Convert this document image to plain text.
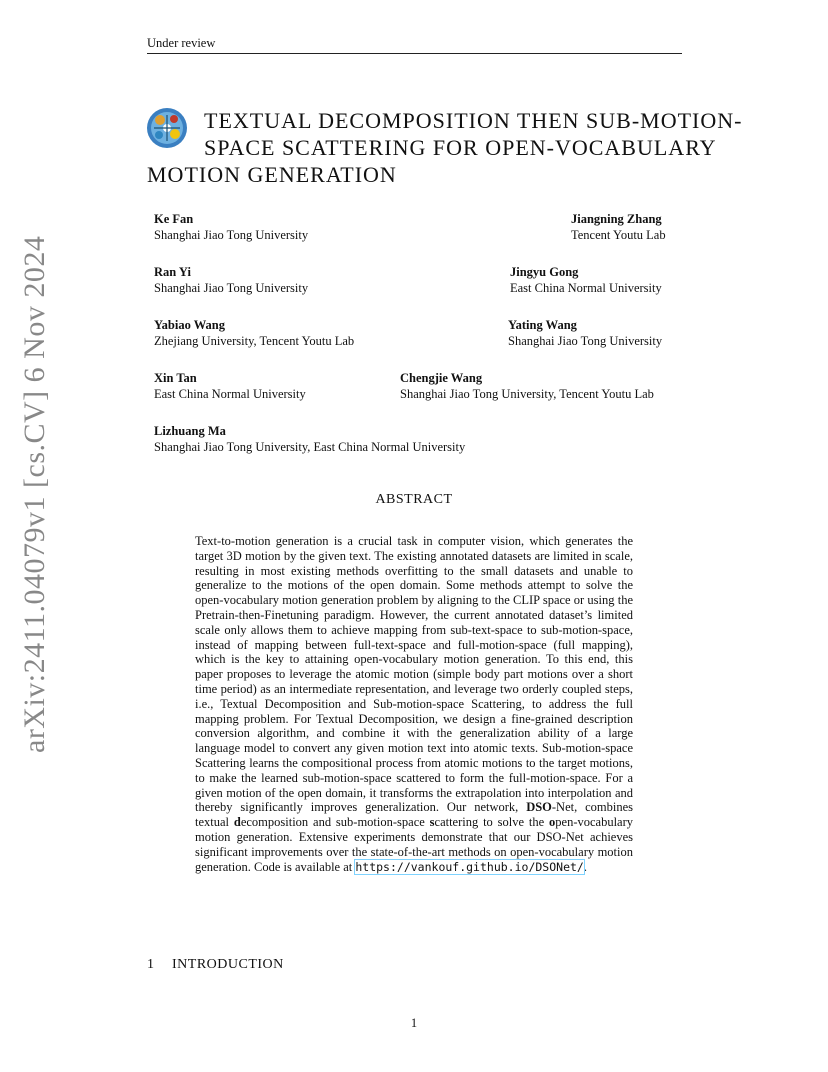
Under review
arXiv:2411.04079v1 [cs.CV] 6 Nov 2024
TEXTUAL DECOMPOSITION THEN SUB-MOTION-
SPACE SCATTERING FOR OPEN-VOCABULARY
MOTION GENERATION
Ke Fan
Shanghai Jiao Tong University
Jiangning Zhang
Tencent Youtu Lab
Ran Yi
Shanghai Jiao Tong University
Jingyu Gong
East China Normal University
Yabiao Wang
Zhejiang University, Tencent Youtu Lab
Yating Wang
Shanghai Jiao Tong University
Xin Tan
East China Normal University
Chengjie Wang
Shanghai Jiao Tong University, Tencent Youtu Lab
Lizhuang Ma
Shanghai Jiao Tong University, East China Normal University
ABSTRACT
Text-to-motion generation is a crucial task in computer vision, which generates the target 3D motion by the given text. The existing annotated datasets are limited in scale, resulting in most existing methods overfitting to the small datasets and unable to generalize to the motions of the open domain. Some methods attempt to solve the open-vocabulary motion generation problem by aligning to the CLIP space or using the Pretrain-then-Finetuning paradigm. However, the current annotated dataset’s limited scale only allows them to achieve mapping from sub-text-space to sub-motion-space, instead of mapping between full-text-space and full-motion-space (full mapping), which is the key to attaining open-vocabulary motion generation. To this end, this paper proposes to leverage the atomic motion (simple body part motions over a short time period) as an intermediate representation, and leverage two orderly coupled steps, i.e., Textual Decomposition and Sub-motion-space Scattering, to address the full mapping problem. For Textual Decomposition, we design a fine-grained description conversion algorithm, and combine it with the generalization ability of a large language model to convert any given motion text into atomic texts. Sub-motion-space Scattering learns the compositional process from atomic motions to the target motions, to make the learned sub-motion-space scattered to form the full-motion-space. For a given motion of the open domain, it transforms the extrapolation into interpolation and thereby significantly improves generalization. Our network, DSO-Net, combines textual decomposition and sub-motion-space scattering to solve the open-vocabulary motion generation. Extensive experiments demonstrate that our DSO-Net achieves significant improvements over the state-of-the-art methods on open-vocabulary motion generation. Code is available at https://vankouf.github.io/DSONet/.
1 INTRODUCTION
1
